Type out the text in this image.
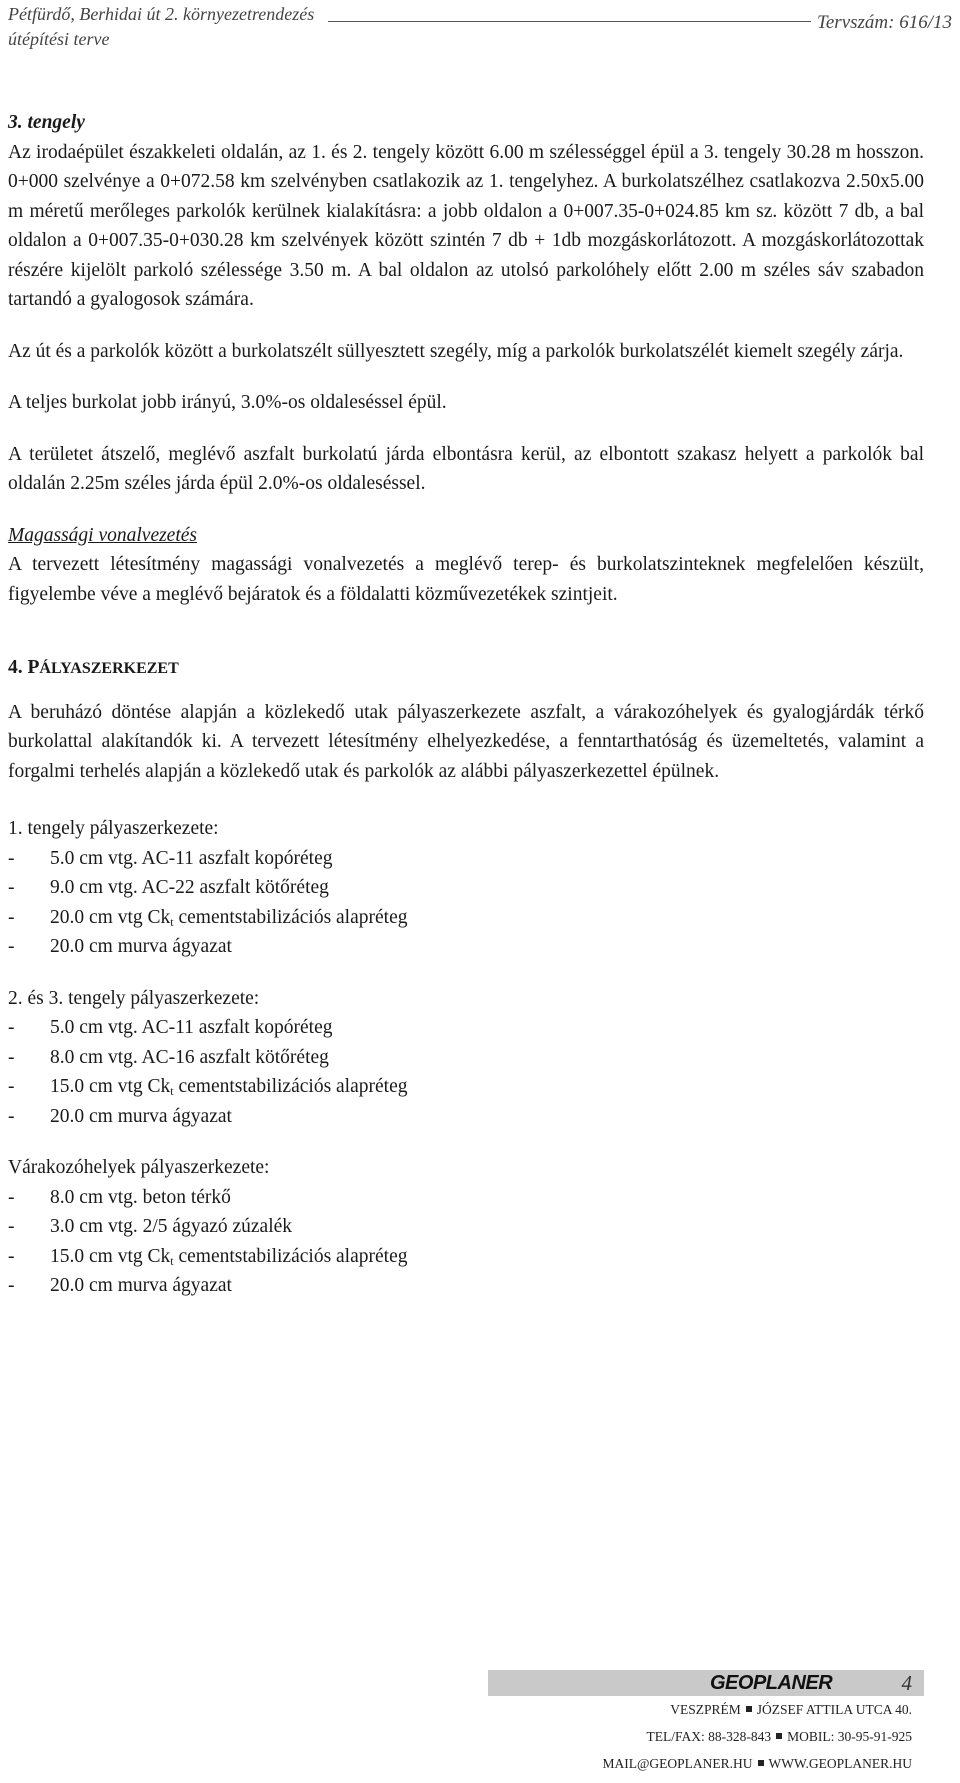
Pétfürdő, Berhidai út 2. környezetrendezés
útépítési terve
Tervszám: 616/13

3. tengely

Az irodaépület északkeleti oldalán, az 1. és 2. tengely között 6.00 m szélességgel épül a 3. tengely 30.28 m hosszon. 0+000 szelvénye a 0+072.58 km szelvényben csatlakozik az 1. tengelyhez. A burkolatszélhez csatlakozva 2.50x5.00 m méretű merőleges parkolók kerülnek kialakításra: a jobb oldalon a 0+007.35-0+024.85 km sz. között 7 db, a bal oldalon a 0+007.35-0+030.28 km szelvények között szintén 7 db + 1db mozgáskorlátozott. A mozgáskorlátozottak részére kijelölt parkoló szélessége 3.50 m. A bal oldalon az utolsó parkolóhely előtt 2.00 m széles sáv szabadon tartandó a gyalogosok számára.

Az út és a parkolók között a burkolatszélt süllyesztett szegély, míg a parkolók burkolatszélét kiemelt szegély zárja.

A teljes burkolat jobb irányú, 3.0%-os oldaleséssel épül.

A területet átszelő, meglévő aszfalt burkolatú járda elbontásra kerül, az elbontott szakasz helyett a parkolók bal oldalán 2.25m széles járda épül 2.0%-os oldaleséssel.

Magassági vonalvezetés

A tervezett létesítmény magassági vonalvezetés a meglévő terep- és burkolatszinteknek megfelelően készült, figyelembe véve a meglévő bejáratok és a földalatti közművezetékek szintjeit.

4. PÁLYASZERKEZET

A beruházó döntése alapján a közlekedő utak pályaszerkezete aszfalt, a várakozóhelyek és gyalogjárdák térkő burkolattal alakítandók ki. A tervezett létesítmény elhelyezkedése, a fenntarthatóság és üzemeltetés, valamint a forgalmi terhelés alapján a közlekedő utak és parkolók az alábbi pályaszerkezettel épülnek.

1. tengely pályaszerkezete:

-	5.0 cm vtg. AC-11 aszfalt kopóréteg
-	9.0 cm vtg. AC-22 aszfalt kötőréteg
-	20.0 cm vtg $Ck_t$ cementstabilizációs alapréteg
-	20.0 cm murva ágyazat

2. és 3. tengely pályaszerkezete:

-	5.0 cm vtg. AC-11 aszfalt kopóréteg
-	8.0 cm vtg. AC-16 aszfalt kötőréteg
-	15.0 cm vtg $Ck_t$ cementstabilizációs alapréteg
-	20.0 cm murva ágyazat

Várakozóhelyek pályaszerkezete:

-	8.0 cm vtg. beton térkő
-	3.0 cm vtg. 2/5 ágyazó zúzalék
-	15.0 cm vtg $Ck_t$ cementstabilizációs alapréteg
-	20.0 cm murva ágyazat
GEOPLANER	4
VESZPRÉM JÓZSEF ATTILA UTCA 40.
TEL/FAX: 88-328-843 MOBIL: 30-95-91-925
MAIL@GEOPLANER.HU WWW.GEOPLANER.HU
